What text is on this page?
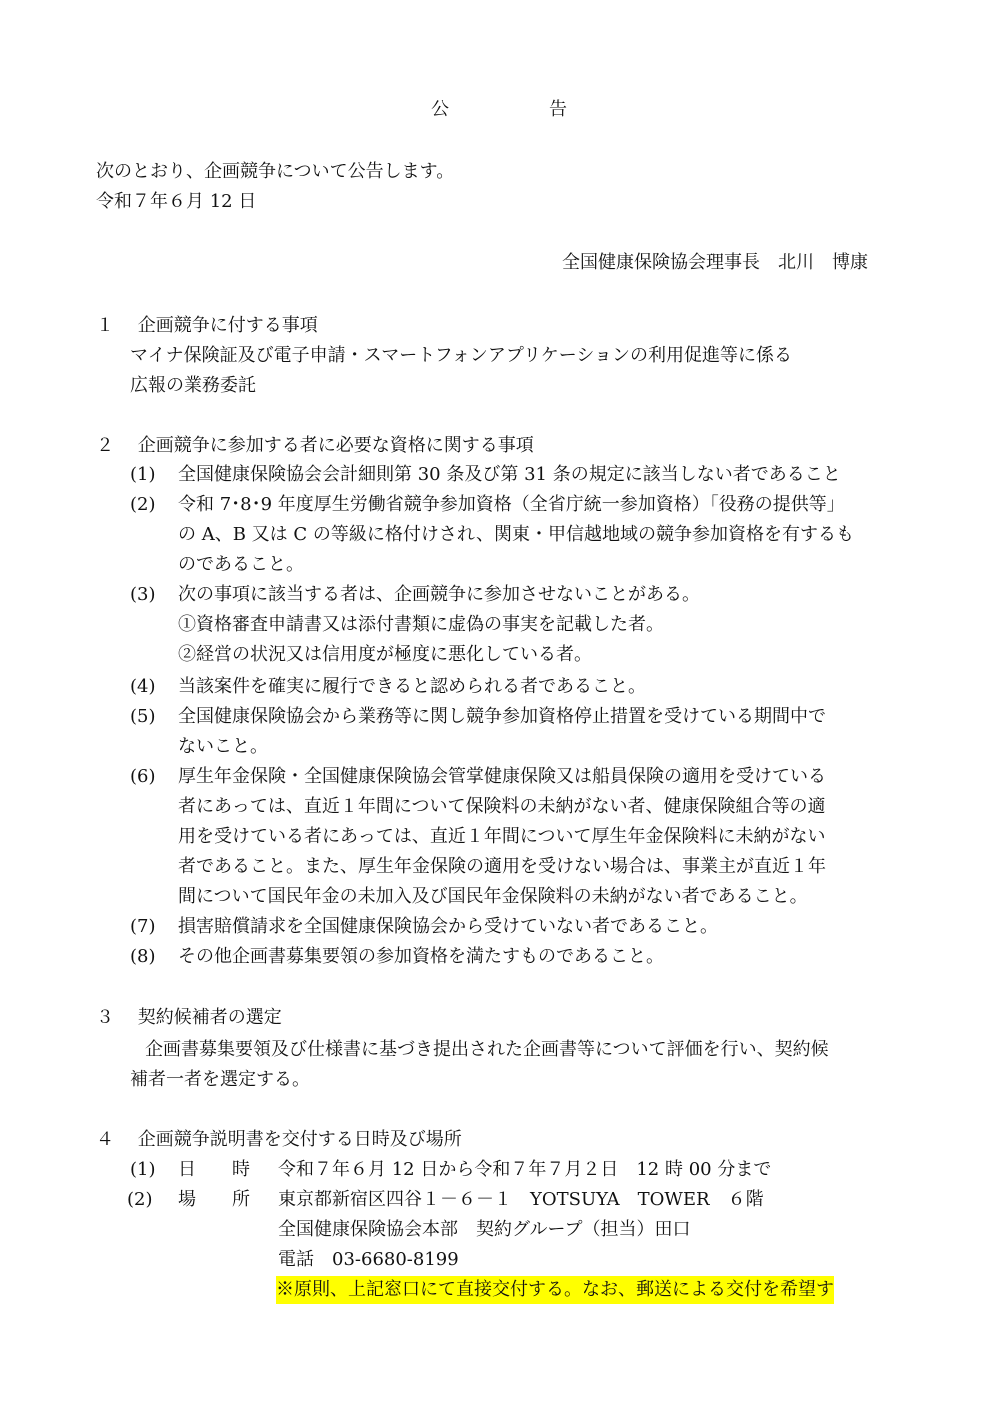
公	告
次のとおり、企画競争について公告します。
令和７年６月 12 日
全国健康保険協会理事長　北川　博康
１　 企画競争に付する事項
マイナ保険証及び電子申請・スマートフォンアプリケーションの利用促進等に係る
広報の業務委託
２　 企画競争に参加する者に必要な資格に関する事項
(1) 全国健康保険協会会計細則第 30 条及び第 31 条の規定に該当しない者であること
(2) 令和 7･8･9 年度厚生労働省競争参加資格（全省庁統一参加資格）「役務の提供等」
の A、B 又は C の等級に格付けされ、関東・甲信越地域の競争参加資格を有するも
のであること。
(3) 次の事項に該当する者は、企画競争に参加させないことがある。
①資格審査申請書又は添付書類に虚偽の事実を記載した者。
②経営の状況又は信用度が極度に悪化している者。
(4) 当該案件を確実に履行できると認められる者であること。
(5) 全国健康保険協会から業務等に関し競争参加資格停止措置を受けている期間中で
ないこと。
(6) 厚生年金保険・全国健康保険協会管掌健康保険又は船員保険の適用を受けている
者にあっては、直近１年間について保険料の未納がない者、健康保険組合等の適
用を受けている者にあっては、直近１年間について厚生年金保険料に未納がない
者であること。また、厚生年金保険の適用を受けない場合は、事業主が直近１年
間について国民年金の未加入及び国民年金保険料の未納がない者であること。
(7) 損害賠償請求を全国健康保険協会から受けていない者であること。
(8) その他企画書募集要領の参加資格を満たすものであること。
３　 契約候補者の選定
企画書募集要領及び仕様書に基づき提出された企画書等について評価を行い、契約候
補者一者を選定する。
４　 企画競争説明書を交付する日時及び場所
(1) 日　　時 令和７年６月 12 日から令和７年７月２日　12 時 00 分まで
(2) 場　　所 東京都新宿区四谷１－６－１　YOTSUYA　TOWER　６階
全国健康保険協会本部　契約グループ（担当）田口
電話　03-6680-8199
※原則、上記窓口にて直接交付する。なお、郵送による交付を希望す
